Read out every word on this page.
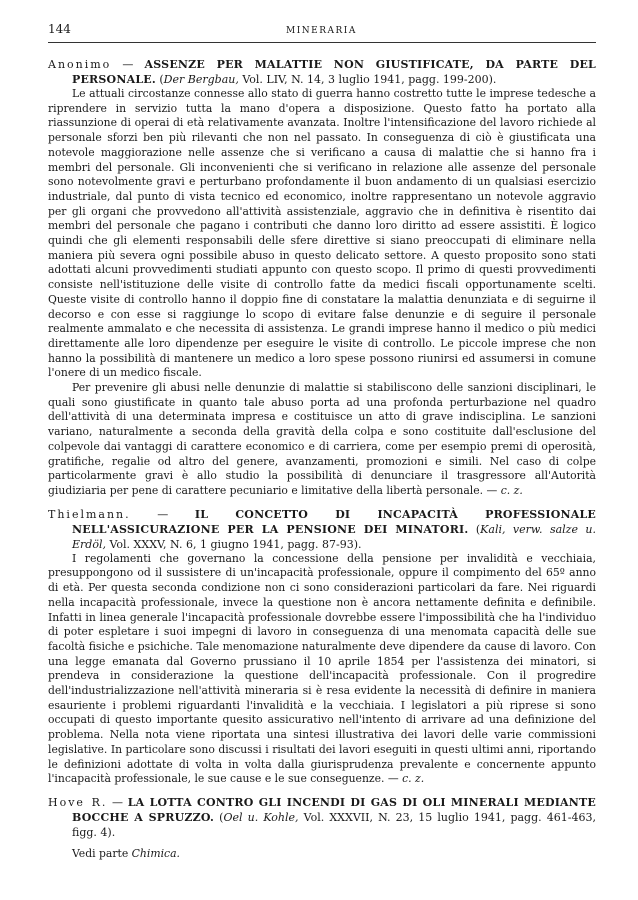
144	MINERARIA
Anonimo — ASSENZE PER MALATTIE NON GIUSTIFICATE, DA PARTE DEL PERSONALE. (Der Bergbau, Vol. LIV, N. 14, 3 luglio 1941, pagg. 199-200).

Le attuali circostanze connesse allo stato di guerra hanno costretto tutte le imprese tedesche a riprendere in servizio tutta la mano d'opera a disposizione. Questo fatto ha portato alla riassunzione di operai di età relativamente avanzata. Inoltre l'intensificazione del lavoro richiede al personale sforzi ben più rilevanti che non nel passato. In conseguenza di ciò è giustificata una notevole maggiorazione nelle assenze che si verificano a causa di malattie che si hanno fra i membri del personale. Gli inconvenienti che si verificano in relazione alle assenze del personale sono notevolmente gravi e perturbano profondamente il buon andamento di un qualsiasi esercizio industriale, dal punto di vista tecnico ed economico, inoltre rappresentano un notevole aggravio per gli organi che provvedono all'attività assistenziale, aggravio che in definitiva è risentito dai membri del personale che pagano i contributi che danno loro diritto ad essere assistiti. È logico quindi che gli elementi responsabili delle sfere direttive si siano preoccupati di eliminare nella maniera più severa ogni possibile abuso in questo delicato settore. A questo proposito sono stati adottati alcuni provvedimenti studiati appunto con questo scopo. Il primo di questi provvedimenti consiste nell'istituzione delle visite di controllo fatte da medici fiscali opportunamente scelti. Queste visite di controllo hanno il doppio fine di constatare la malattia denunziata e di seguirne il decorso e con esse si raggiunge lo scopo di evitare false denunzie e di seguire il personale realmente ammalato e che necessita di assistenza. Le grandi imprese hanno il medico o più medici direttamente alle loro dipendenze per eseguire le visite di controllo. Le piccole imprese che non hanno la possibilità di mantenere un medico a loro spese possono riunirsi ed assumersi in comune l'onere di un medico fiscale.

Per prevenire gli abusi nelle denunzie di malattie si stabiliscono delle sanzioni disciplinari, le quali sono giustificate in quanto tale abuso porta ad una profonda perturbazione nel quadro dell'attività di una determinata impresa e costituisce un atto di grave indisciplina. Le sanzioni variano, naturalmente a seconda della gravità della colpa e sono costituite dall'esclusione del colpevole dai vantaggi di carattere economico e di carriera, come per esempio premi di operosità, gratifiche, regalie od altro del genere, avanzamenti, promozioni e simili. Nel caso di colpe particolarmente gravi è allo studio la possibilità di denunciare il trasgressore all'Autorità giudiziaria per pene di carattere pecuniario e limitative della libertà personale. — c. z.

Thielmann. — IL CONCETTO DI INCAPACITÀ PROFESSIONALE NELL'ASSICURAZIONE PER LA PENSIONE DEI MINATORI. (Kali, verw. salze u. Erdöl, Vol. XXXV, N. 6, 1 giugno 1941, pagg. 87-93).

I regolamenti che governano la concessione della pensione per invalidità e vecchiaia, presuppongono od il sussistere di un'incapacità professionale, oppure il compimento del 65º anno di età. Per questa seconda condizione non ci sono considerazioni particolari da fare. Nei riguardi nella incapacità professionale, invece la questione non è ancora nettamente definita e definibile. Infatti in linea generale l'incapacità professionale dovrebbe essere l'impossibilità che ha l'individuo di poter espletare i suoi impegni di lavoro in conseguenza di una menomata capacità delle sue facoltà fisiche e psichiche. Tale menomazione naturalmente deve dipendere da cause di lavoro. Con una legge emanata dal Governo prussiano il 10 aprile 1854 per l'assistenza dei minatori, si prendeva in considerazione la questione dell'incapacità professionale. Con il progredire dell'industrializzazione nell'attività mineraria si è resa evidente la necessità di definire in maniera esauriente i problemi riguardanti l'invalidità e la vecchiaia. I legislatori a più riprese si sono occupati di questo importante quesito assicurativo nell'intento di arrivare ad una definizione del problema. Nella nota viene riportata una sintesi illustrativa dei lavori delle varie commissioni legislative. In particolare sono discussi i risultati dei lavori eseguiti in questi ultimi anni, riportando le definizioni adottate di volta in volta dalla giurisprudenza prevalente e concernente appunto l'incapacità professionale, le sue cause e le sue conseguenze. — c. z.

Hove R. — LA LOTTA CONTRO GLI INCENDI DI GAS DI OLI MINERALI MEDIANTE BOCCHE A SPRUZZO. (Oel u. Kohle, Vol. XXXVII, N. 23, 15 luglio 1941, pagg. 461-463, figg. 4).
Vedi parte Chimica.
